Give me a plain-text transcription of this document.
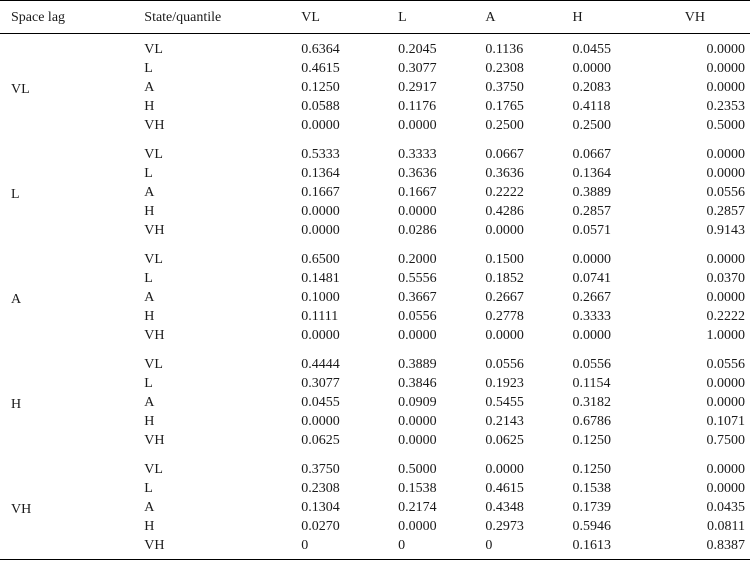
Space lag	State/quantile	VL	L	A	H	VH
VL	VL	0.6364	0.2045	0.1136	0.0455	0.0000
	L	0.4615	0.3077	0.2308	0.0000	0.0000
	A	0.1250	0.2917	0.3750	0.2083	0.0000
	H	0.0588	0.1176	0.1765	0.4118	0.2353
	VH	0.0000	0.0000	0.2500	0.2500	0.5000
L	VL	0.5333	0.3333	0.0667	0.0667	0.0000
	L	0.1364	0.3636	0.3636	0.1364	0.0000
	A	0.1667	0.1667	0.2222	0.3889	0.0556
	H	0.0000	0.0000	0.4286	0.2857	0.2857
	VH	0.0000	0.0286	0.0000	0.0571	0.9143
A	VL	0.6500	0.2000	0.1500	0.0000	0.0000
	L	0.1481	0.5556	0.1852	0.0741	0.0370
	A	0.1000	0.3667	0.2667	0.2667	0.0000
	H	0.1111	0.0556	0.2778	0.3333	0.2222
	VH	0.0000	0.0000	0.0000	0.0000	1.0000
H	VL	0.4444	0.3889	0.0556	0.0556	0.0556
	L	0.3077	0.3846	0.1923	0.1154	0.0000
	A	0.0455	0.0909	0.5455	0.3182	0.0000
	H	0.0000	0.0000	0.2143	0.6786	0.1071
	VH	0.0625	0.0000	0.0625	0.1250	0.7500
VH	VL	0.3750	0.5000	0.0000	0.1250	0.0000
	L	0.2308	0.1538	0.4615	0.1538	0.0000
	A	0.1304	0.2174	0.4348	0.1739	0.0435
	H	0.0270	0.0000	0.2973	0.5946	0.0811
	VH	0	0	0	0.1613	0.8387
